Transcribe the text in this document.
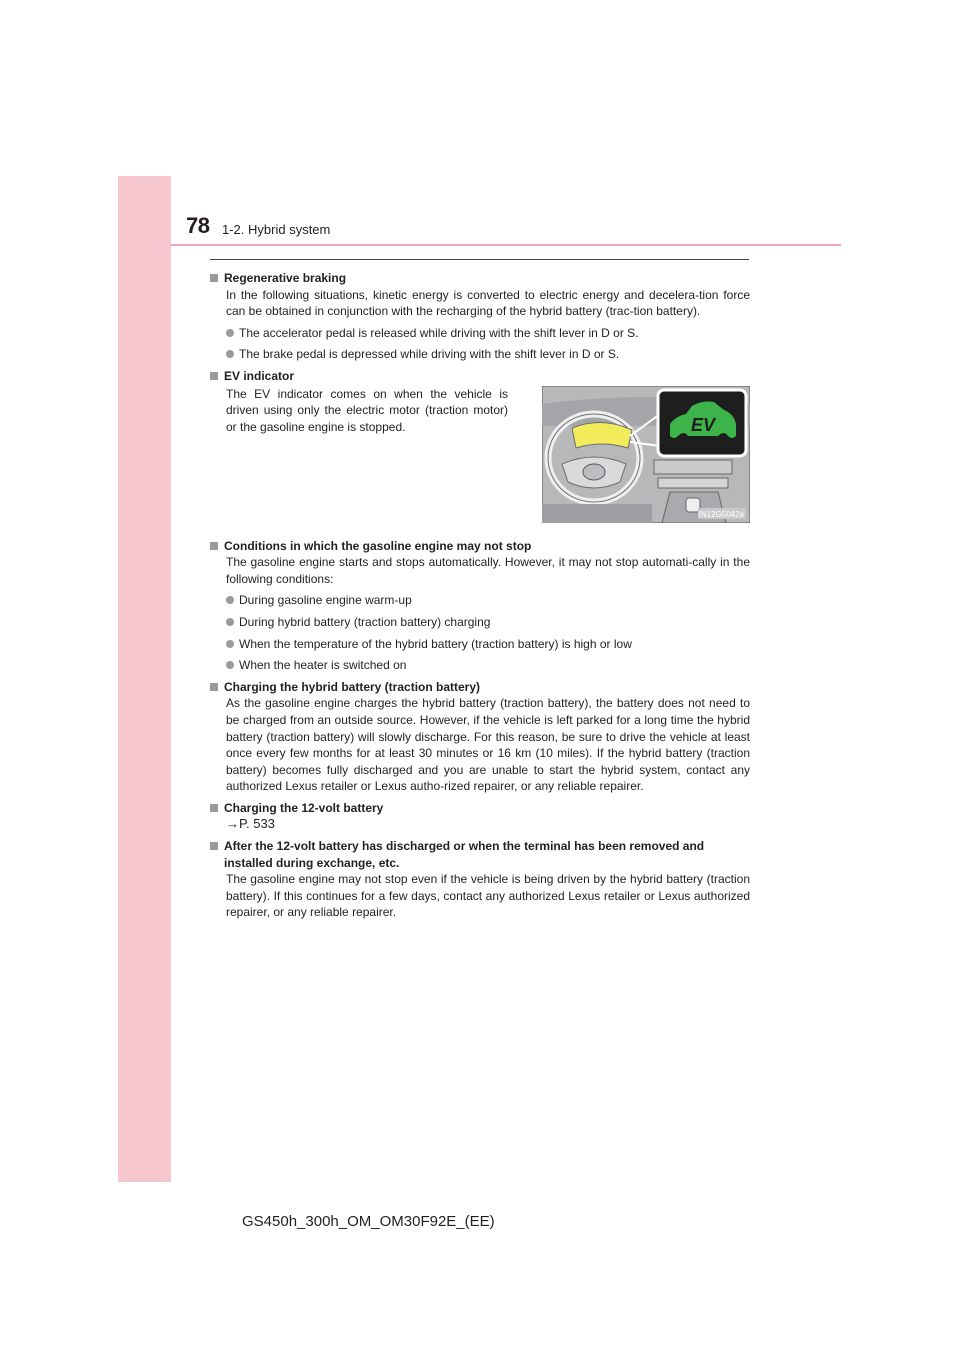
78 1-2. Hybrid system
Regenerative braking
In the following situations, kinetic energy is converted to electric energy and decelera-tion force can be obtained in conjunction with the recharging of the hybrid battery (trac-tion battery).
The accelerator pedal is released while driving with the shift lever in D or S.
The brake pedal is depressed while driving with the shift lever in D or S.
EV indicator
The EV indicator comes on when the vehicle is driven using only the electric motor (traction motor) or the gasoline engine is stopped.	EV
IN12G5042a
Conditions in which the gasoline engine may not stop
The gasoline engine starts and stops automatically. However, it may not stop automati-cally in the following conditions:
During gasoline engine warm-up
During hybrid battery (traction battery) charging
When the temperature of the hybrid battery (traction battery) is high or low
When the heater is switched on
Charging the hybrid battery (traction battery)
As the gasoline engine charges the hybrid battery (traction battery), the battery does not need to be charged from an outside source. However, if the vehicle is left parked for a long time the hybrid battery (traction battery) will slowly discharge. For this reason, be sure to drive the vehicle at least once every few months for at least 30 minutes or 16 km (10 miles). If the hybrid battery (traction battery) becomes fully discharged and you are unable to start the hybrid system, contact any authorized Lexus retailer or Lexus autho-rized repairer, or any reliable repairer.
Charging the 12-volt battery
→P. 533
After the 12-volt battery has discharged or when the terminal has been removed and installed during exchange, etc.
The gasoline engine may not stop even if the vehicle is being driven by the hybrid battery (traction battery). If this continues for a few days, contact any authorized Lexus retailer or Lexus authorized repairer, or any reliable repairer.
GS450h_300h_OM_OM30F92E_(EE)
